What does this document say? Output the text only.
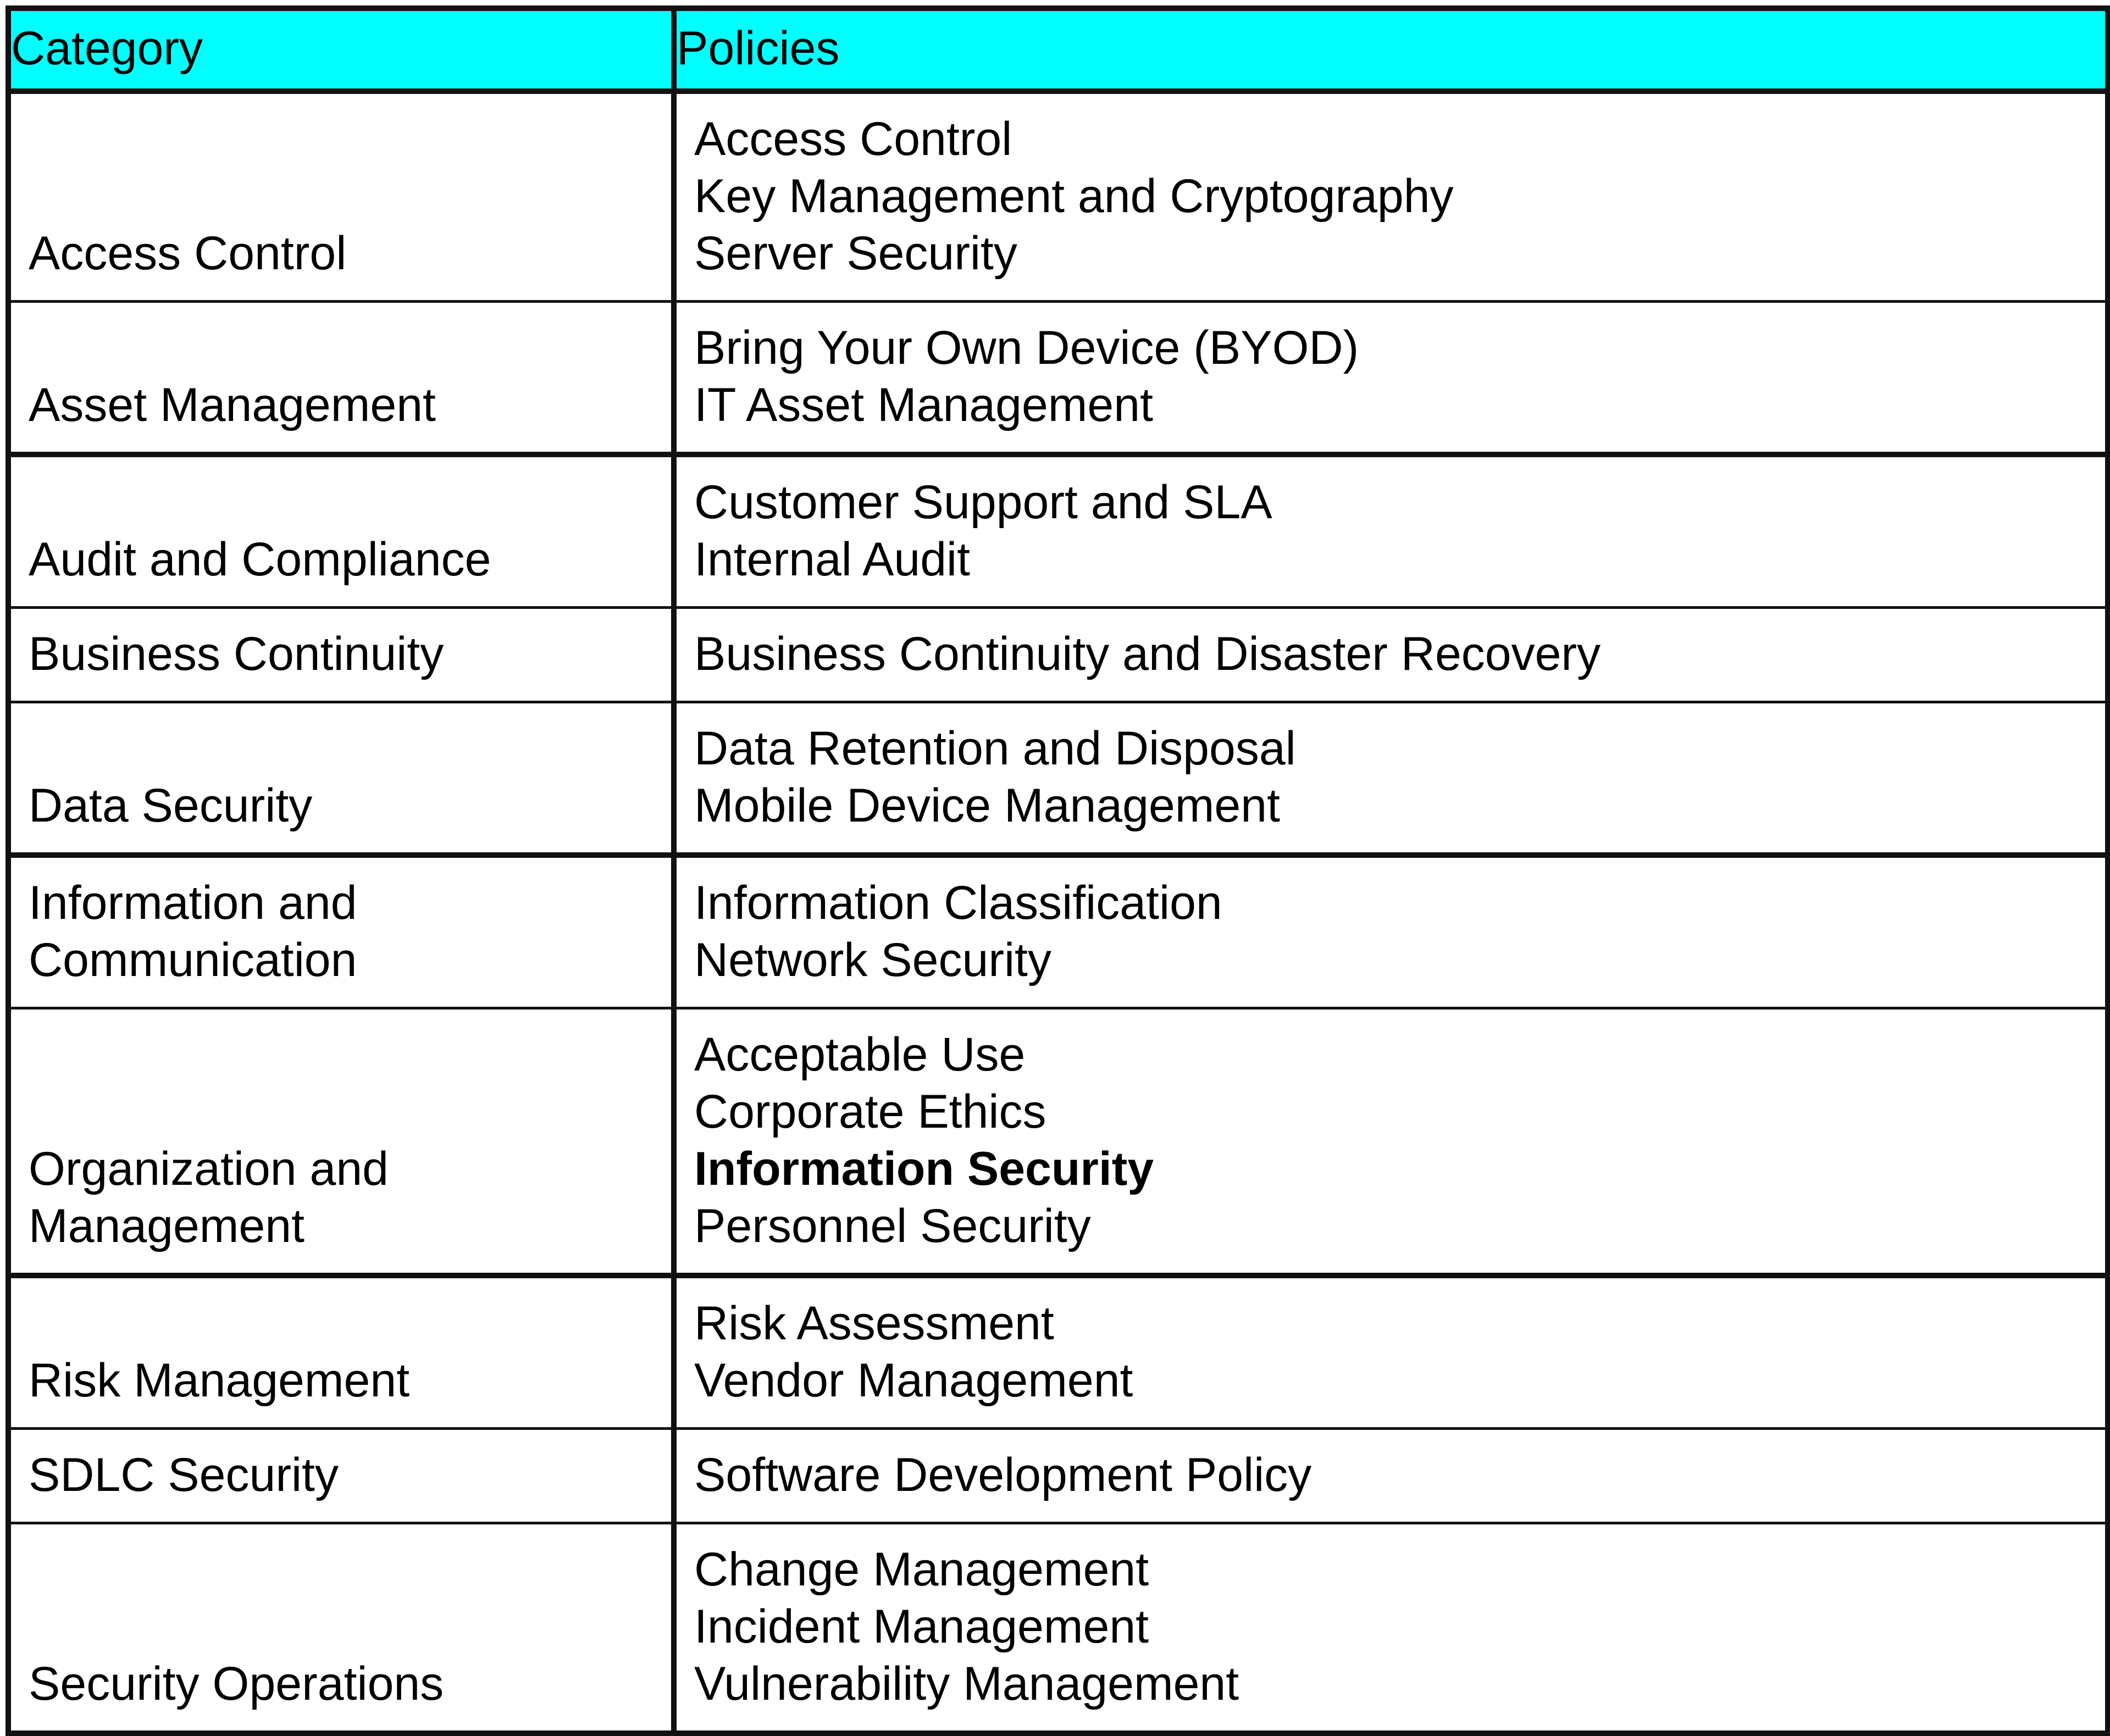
Category	Policies
Access Control	Access Control
Key Management and Cryptography
Server Security

Asset Management	Bring Your Own Device (BYOD)
IT Asset Management

Audit and Compliance	Customer Support and SLA
Internal Audit

Business Continuity	Business Continuity and Disaster Recovery

Data Security	Data Retention and Disposal
Mobile Device Management

Information and Communication	Information Classification
Network Security

Organization and Management	Acceptable Use
Corporate Ethics
Information Security
Personnel Security

Risk Management	Risk Assessment
Vendor Management

SDLC Security	Software Development Policy

Security Operations	Change Management
Incident Management
Vulnerability Management
